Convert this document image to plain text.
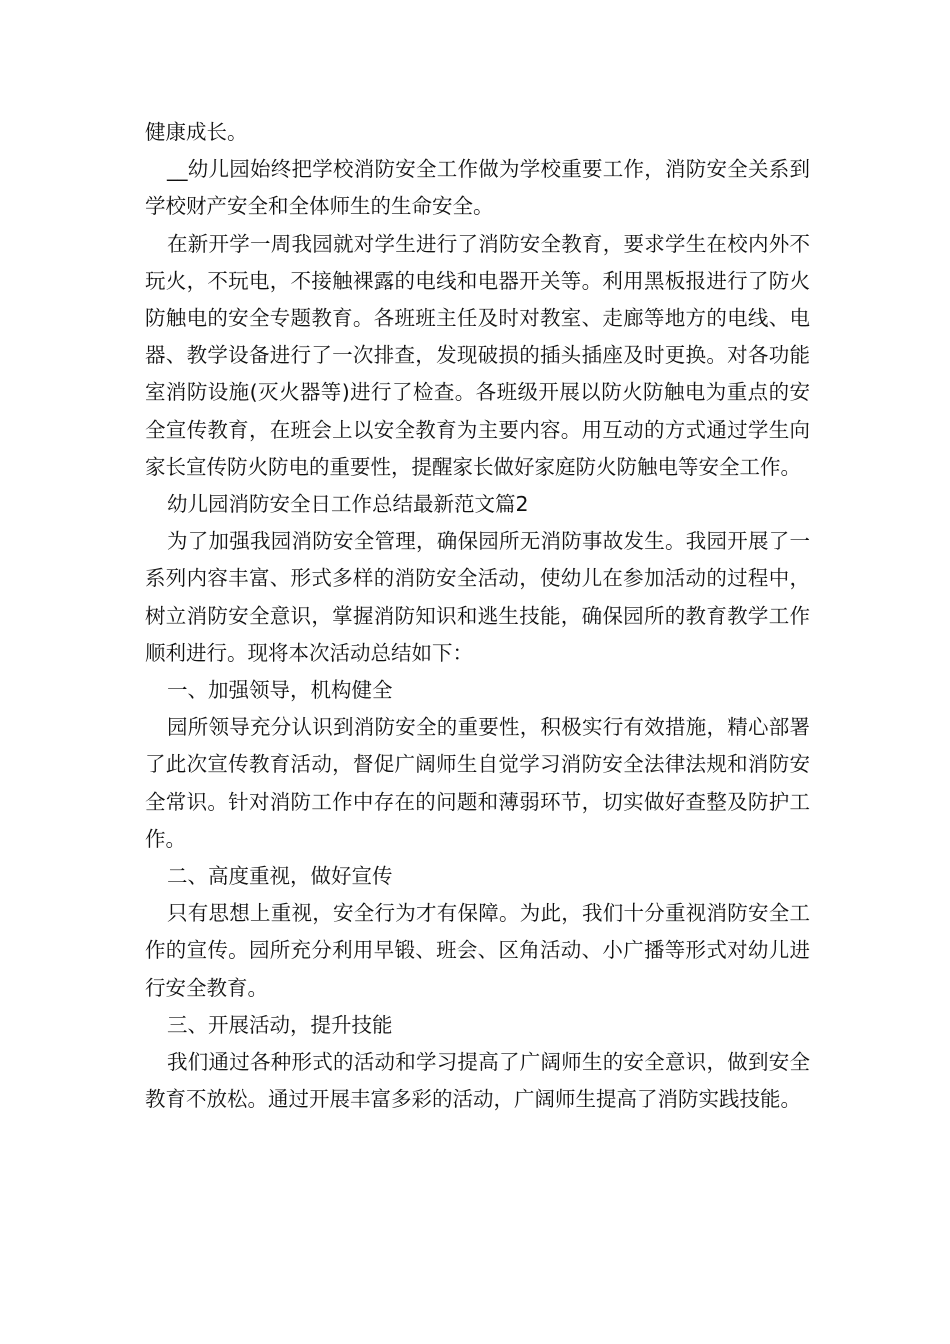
健康成长。

__幼儿园始终把学校消防安全工作做为学校重要工作，消防安全关系到学校财产安全和全体师生的生命安全。

在新开学一周我园就对学生进行了消防安全教育，要求学生在校内外不玩火，不玩电，不接触裸露的电线和电器开关等。利用黑板报进行了防火防触电的安全专题教育。各班班主任及时对教室、走廊等地方的电线、电器、教学设备进行了一次排查，发现破损的插头插座及时更换。对各功能室消防设施(灭火器等)进行了检查。各班级开展以防火防触电为重点的安全宣传教育，在班会上以安全教育为主要内容。用互动的方式通过学生向家长宣传防火防电的重要性，提醒家长做好家庭防火防触电等安全工作。

幼儿园消防安全日工作总结最新范文篇2

为了加强我园消防安全管理，确保园所无消防事故发生。我园开展了一系列内容丰富、形式多样的消防安全活动，使幼儿在参加活动的过程中，树立消防安全意识，掌握消防知识和逃生技能，确保园所的教育教学工作顺利进行。现将本次活动总结如下：

一、加强领导，机构健全

园所领导充分认识到消防安全的重要性，积极实行有效措施，精心部署了此次宣传教育活动，督促广阔师生自觉学习消防安全法律法规和消防安全常识。针对消防工作中存在的问题和薄弱环节，切实做好查整及防护工作。

二、高度重视，做好宣传

只有思想上重视，安全行为才有保障。为此，我们十分重视消防安全工作的宣传。园所充分利用早锻、班会、区角活动、小广播等形式对幼儿进行安全教育。

三、开展活动，提升技能

我们通过各种形式的活动和学习提高了广阔师生的安全意识，做到安全教育不放松。通过开展丰富多彩的活动，广阔师生提高了消防实践技能。
